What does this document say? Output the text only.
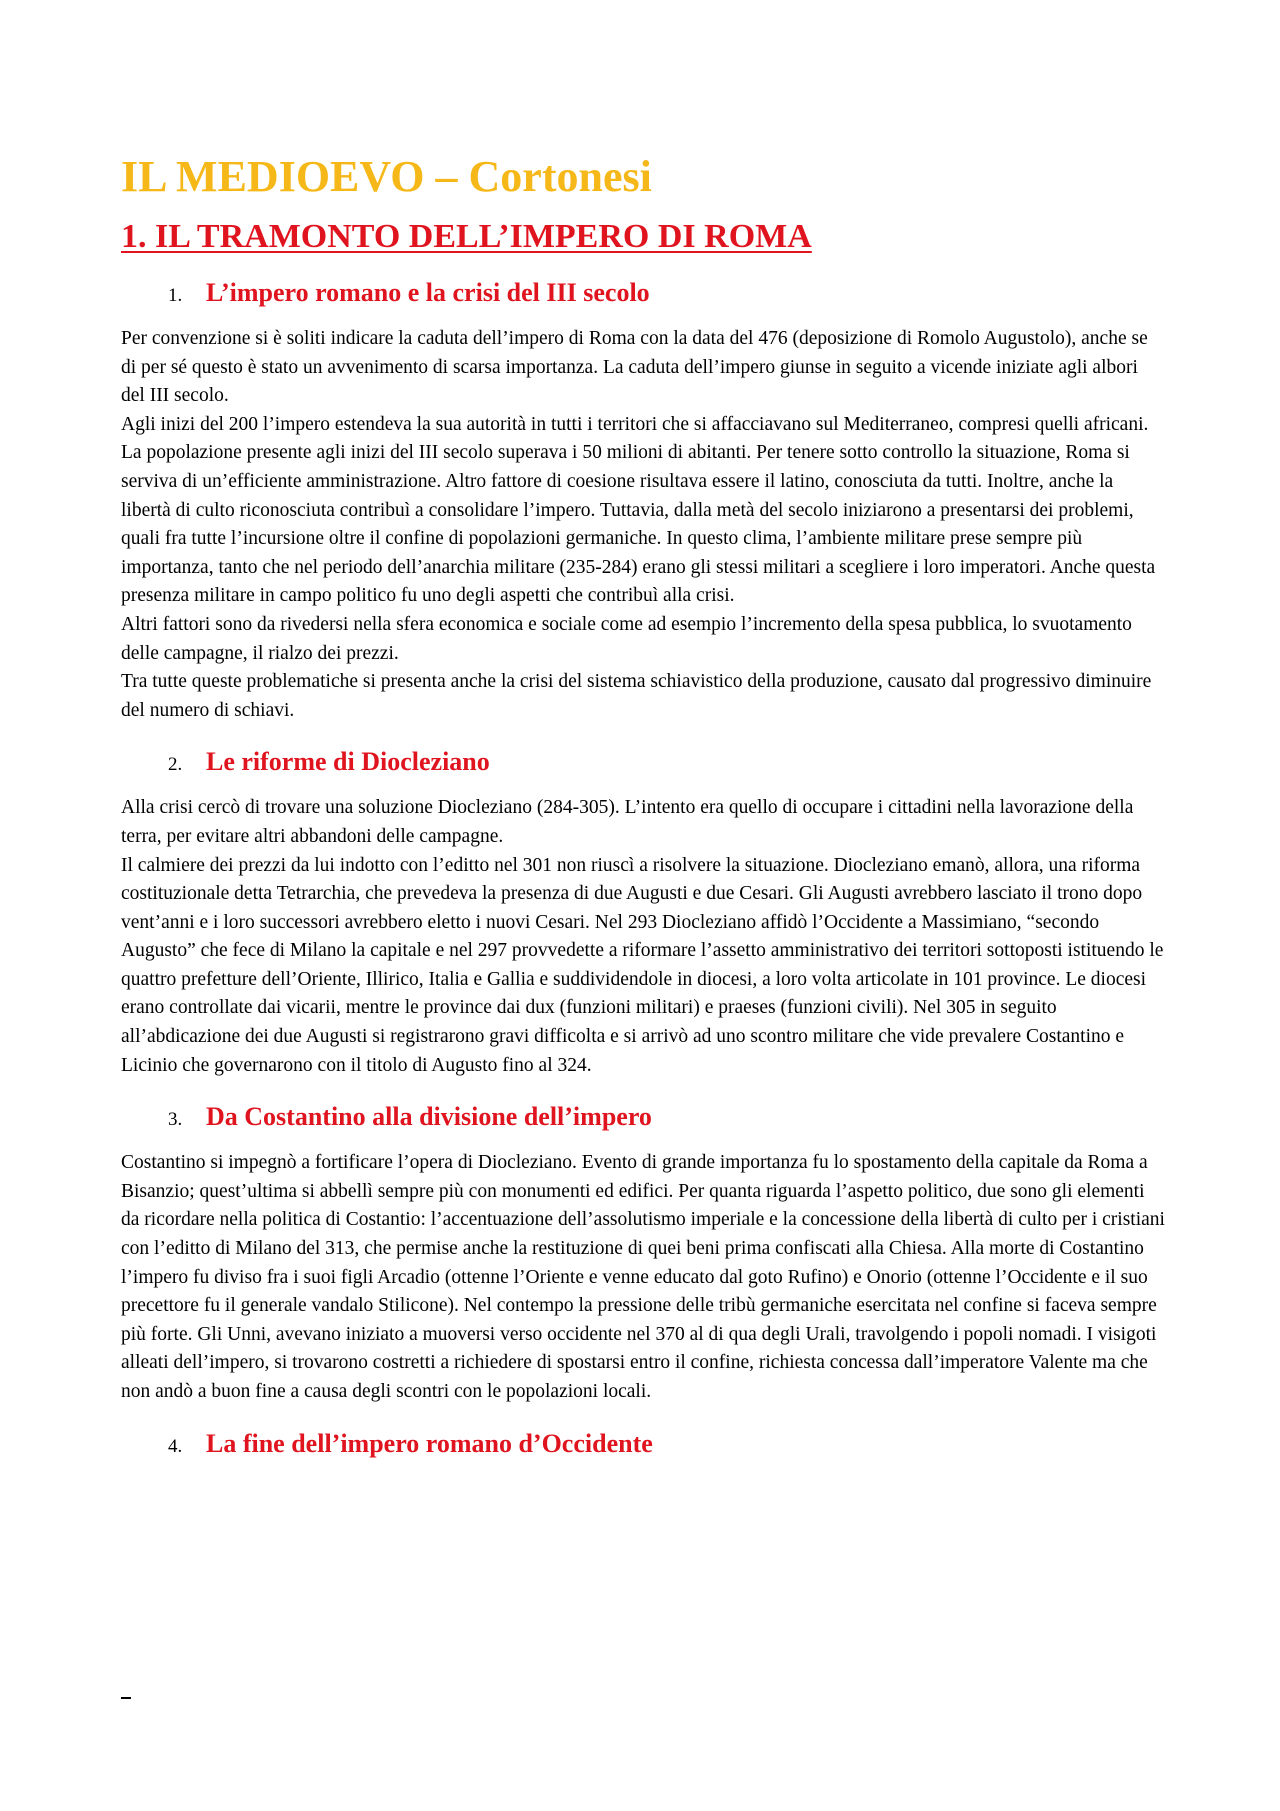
IL MEDIOEVO – Cortonesi
1. IL TRAMONTO DELL’IMPERO DI ROMA
1. L’impero romano e la crisi del III secolo

Per convenzione si è soliti indicare la caduta dell’impero di Roma con la data del 476 (deposizione di Romolo Augustolo), anche se di per sé questo è stato un avvenimento di scarsa importanza. La caduta dell’impero giunse in seguito a vicende iniziate agli albori del III secolo.

Agli inizi del 200 l’impero estendeva la sua autorità in tutti i territori che si affacciavano sul Mediterraneo, compresi quelli africani. La popolazione presente agli inizi del III secolo superava i 50 milioni di abitanti. Per tenere sotto controllo la situazione, Roma si serviva di un’efficiente amministrazione. Altro fattore di coesione risultava essere il latino, conosciuta da tutti. Inoltre, anche la libertà di culto riconosciuta contribuì a consolidare l’impero. Tuttavia, dalla metà del secolo iniziarono a presentarsi dei problemi, quali fra tutte l’incursione oltre il confine di popolazioni germaniche. In questo clima, l’ambiente militare prese sempre più importanza, tanto che nel periodo dell’anarchia militare (235-284) erano gli stessi militari a scegliere i loro imperatori. Anche questa presenza militare in campo politico fu uno degli aspetti che contribuì alla crisi.

Altri fattori sono da rivedersi nella sfera economica e sociale come ad esempio l’incremento della spesa pubblica, lo svuotamento delle campagne, il rialzo dei prezzi.

Tra tutte queste problematiche si presenta anche la crisi del sistema schiavistico della produzione, causato dal progressivo diminuire del numero di schiavi.

2. Le riforme di Diocleziano

Alla crisi cercò di trovare una soluzione Diocleziano (284-305). L’intento era quello di occupare i cittadini nella lavorazione della terra, per evitare altri abbandoni delle campagne.

Il calmiere dei prezzi da lui indotto con l’editto nel 301 non riuscì a risolvere la situazione. Diocleziano emanò, allora, una riforma costituzionale detta Tetrarchia, che prevedeva la presenza di due Augusti e due Cesari. Gli Augusti avrebbero lasciato il trono dopo vent’anni e i loro successori avrebbero eletto i nuovi Cesari. Nel 293 Diocleziano affidò l’Occidente a Massimiano, “secondo Augusto” che fece di Milano la capitale e nel 297 provvedette a riformare l’assetto amministrativo dei territori sottoposti istituendo le quattro prefetture dell’Oriente, Illirico, Italia e Gallia e suddividendole in diocesi, a loro volta articolate in 101 province. Le diocesi erano controllate dai vicarii, mentre le province dai dux (funzioni militari) e praeses (funzioni civili). Nel 305 in seguito all’abdicazione dei due Augusti si registrarono gravi difficolta e si arrivò ad uno scontro militare che vide prevalere Costantino e Licinio che governarono con il titolo di Augusto fino al 324.

3. Da Costantino alla divisione dell’impero

Costantino si impegnò a fortificare l’opera di Diocleziano. Evento di grande importanza fu lo spostamento della capitale da Roma a Bisanzio; quest’ultima si abbellì sempre più con monumenti ed edifici. Per quanta riguarda l’aspetto politico, due sono gli elementi da ricordare nella politica di Costantio: l’accentuazione dell’assolutismo imperiale e la concessione della libertà di culto per i cristiani con l’editto di Milano del 313, che permise anche la restituzione di quei beni prima confiscati alla Chiesa. Alla morte di Costantino l’impero fu diviso fra i suoi figli Arcadio (ottenne l’Oriente e venne educato dal goto Rufino) e Onorio (ottenne l’Occidente e il suo precettore fu il generale vandalo Stilicone). Nel contempo la pressione delle tribù germaniche esercitata nel confine si faceva sempre più forte. Gli Unni, avevano iniziato a muoversi verso occidente nel 370 al di qua degli Urali, travolgendo i popoli nomadi. I visigoti alleati dell’impero, si trovarono costretti a richiedere di spostarsi entro il confine, richiesta concessa dall’imperatore Valente ma che non andò a buon fine a causa degli scontri con le popolazioni locali.

4. La fine dell’impero romano d’Occidente
